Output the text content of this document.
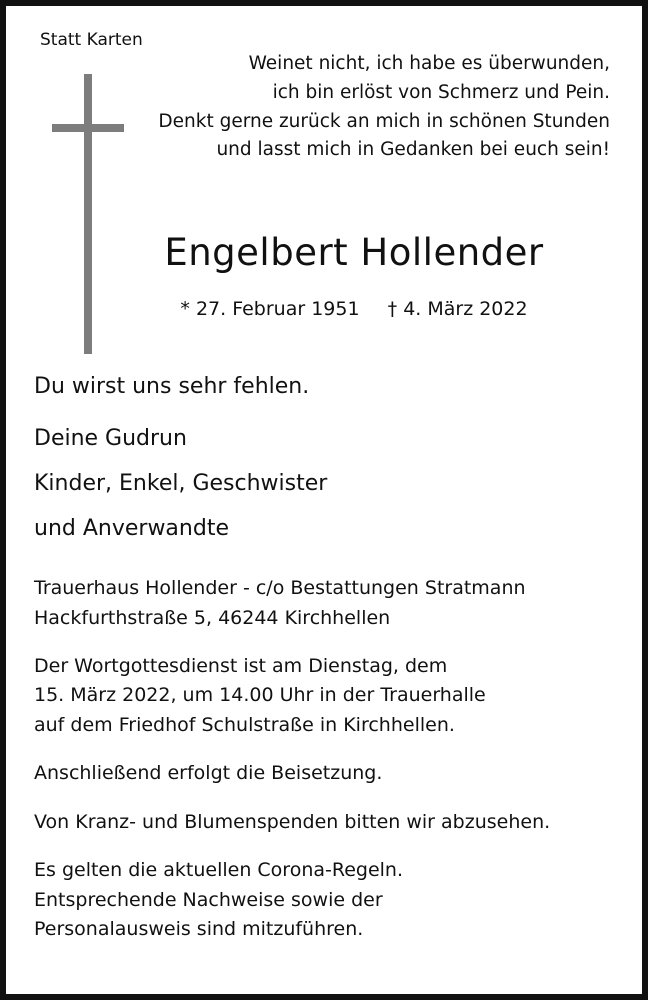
Statt Karten
Weinet nicht, ich habe es überwunden,
ich bin erlöst von Schmerz und Pein.
Denkt gerne zurück an mich in schönen Stunden
und lasst mich in Gedanken bei euch sein!
Engelbert Hollender
* 27. Februar 1951 † 4. März 2022
Du wirst uns sehr fehlen.
Deine Gudrun
Kinder, Enkel, Geschwister
und Anverwandte
Trauerhaus Hollender - c/o Bestattungen Stratmann
Hackfurthstraße 5, 46244 Kirchhellen
Der Wortgottesdienst ist am Dienstag, dem
15. März 2022, um 14.00 Uhr in der Trauerhalle
auf dem Friedhof Schulstraße in Kirchhellen.
Anschließend erfolgt die Beisetzung.
Von Kranz- und Blumenspenden bitten wir abzusehen.
Es gelten die aktuellen Corona-Regeln.
Entsprechende Nachweise sowie der
Personalausweis sind mitzuführen.
